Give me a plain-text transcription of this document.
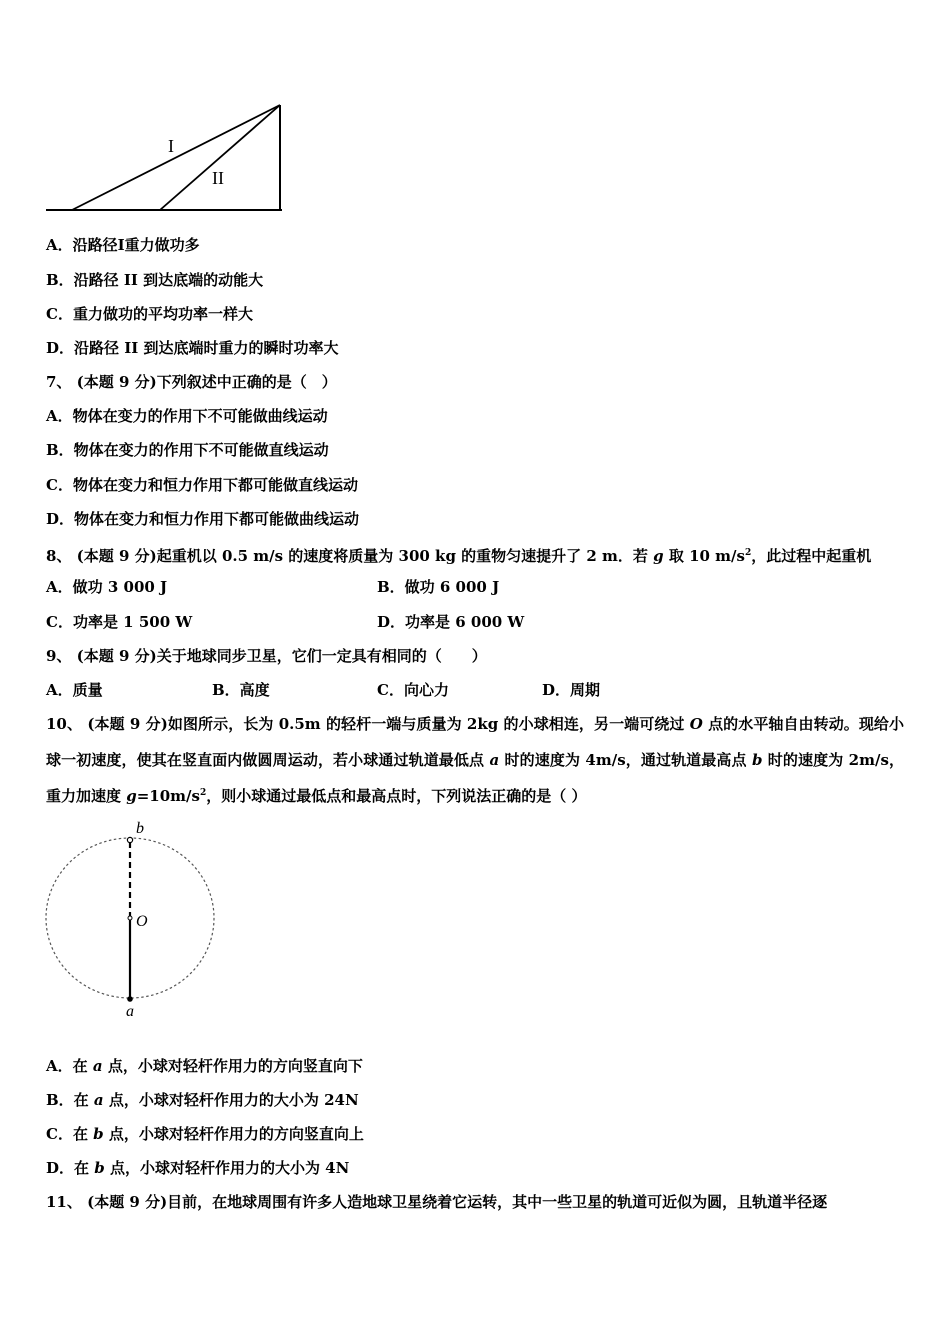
I
II
A．沿路径Ⅰ重力做功多
B．沿路径 II 到达底端的动能大
C．重力做功的平均功率一样大
D．沿路径 II 到达底端时重力的瞬时功率大
7、 (本题 9 分)下列叙述中正确的是（　）
A．物体在变力的作用下不可能做曲线运动
B．物体在变力的作用下不可能做直线运动
C．物体在变力和恒力作用下都可能做直线运动
D．物体在变力和恒力作用下都可能做曲线运动
8、 (本题 9 分)起重机以 0.5 m/s 的速度将质量为 300 kg 的重物匀速提升了 2 m．若 g 取 10 $m/s^2$，此过程中起重机
A．做功 3 000 J	B．做功 6 000 J
C．功率是 1 500 W	D．功率是 6 000 W
9、 (本题 9 分)关于地球同步卫星，它们一定具有相同的（　　）
A．质量	B．高度	C．向心力	D．周期
10、 (本题 9 分)如图所示，长为 0.5m 的轻杆一端与质量为 2kg 的小球相连，另一端可绕过 O 点的水平轴自由转动。现给小球一初速度，使其在竖直面内做圆周运动，若小球通过轨道最低点 a 时的速度为 4m/s，通过轨道最高点 b 时的速度为 2m/s，重力加速度 $g=10m/s^2$，则小球通过最低点和最高点时，下列说法正确的是（ ）
b
O
a
A．在 a 点，小球对轻杆作用力的方向竖直向下
B．在 a 点，小球对轻杆作用力的大小为 24N
C．在 b 点，小球对轻杆作用力的方向竖直向上
D．在 b 点，小球对轻杆作用力的大小为 4N
11、 (本题 9 分)目前，在地球周围有许多人造地球卫星绕着它运转，其中一些卫星的轨道可近似为圆，且轨道半径逐
